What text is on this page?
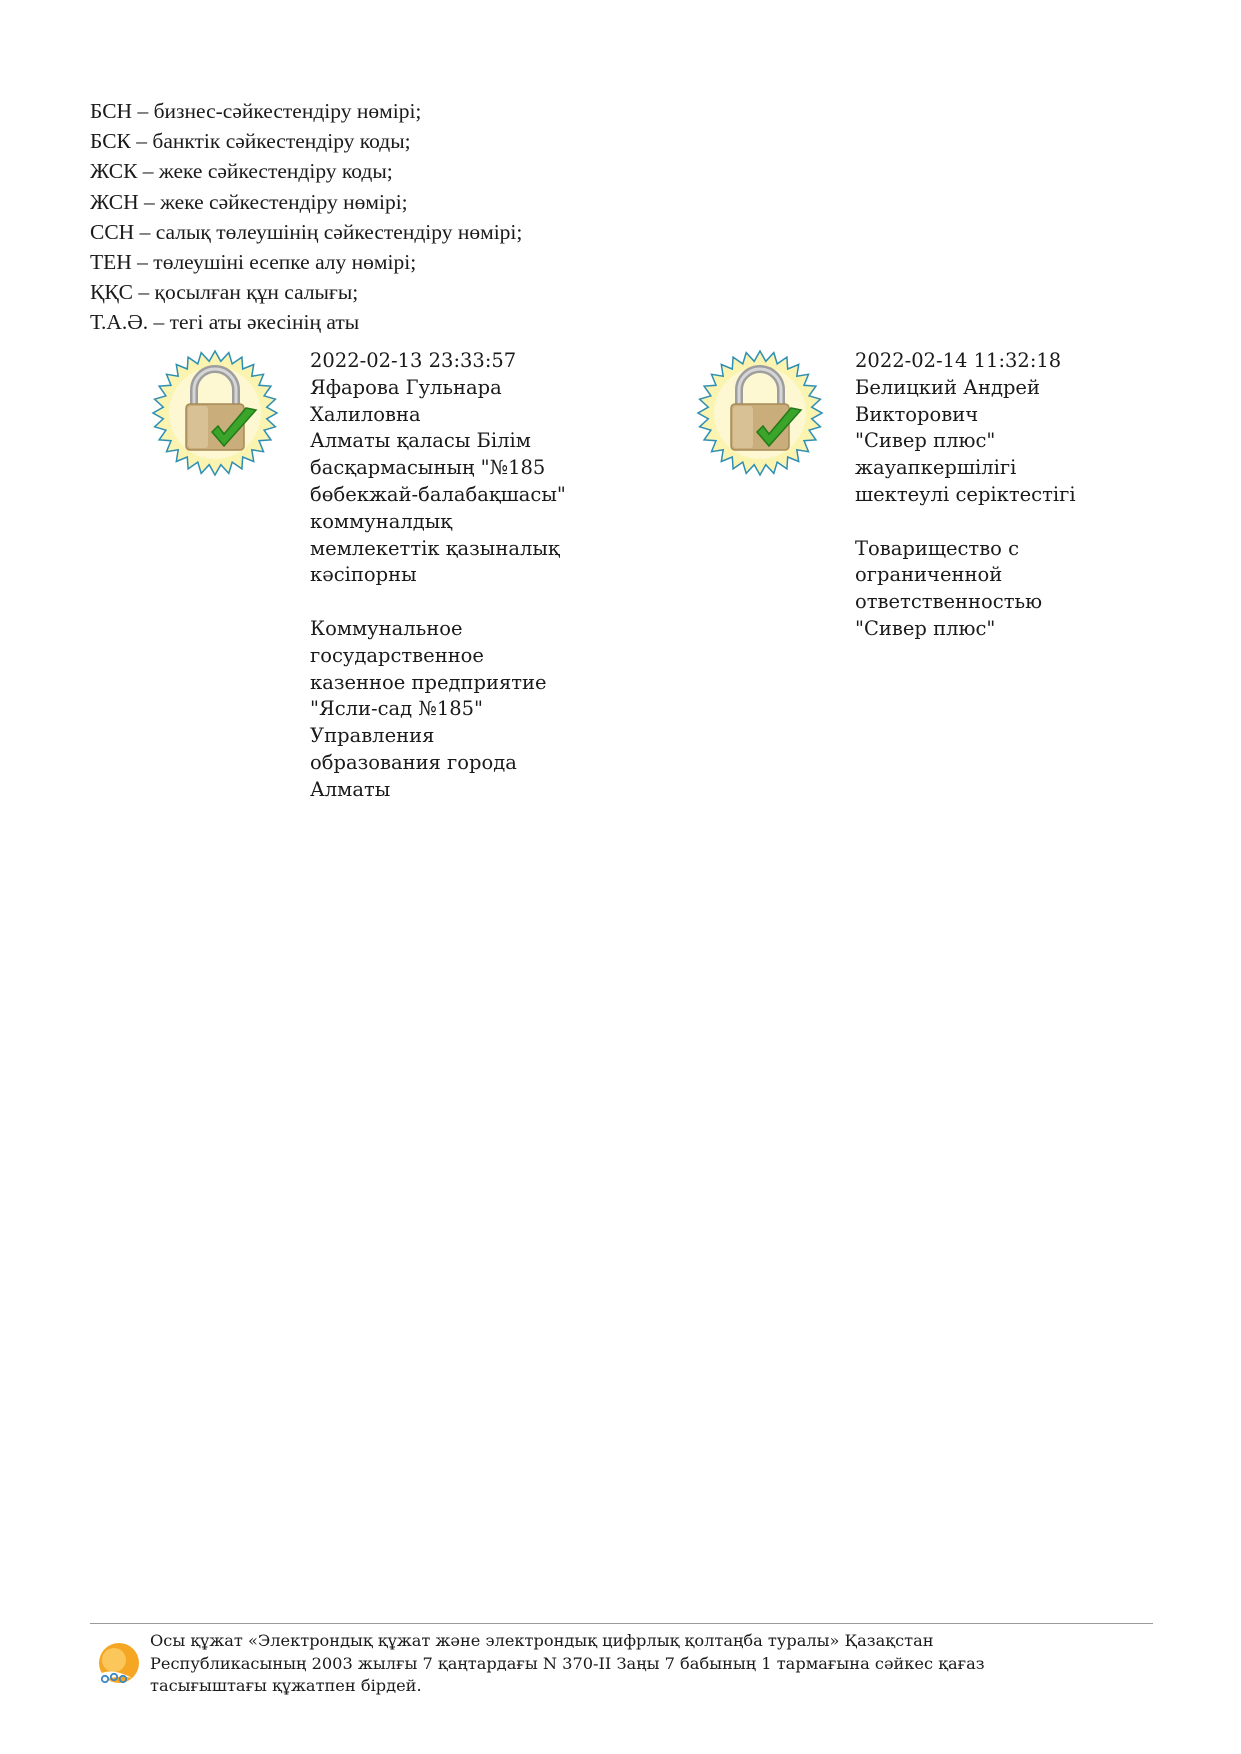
БСН – бизнес-сәйкестендіру нөмірі;
БСК – банктік сәйкестендіру коды;
ЖСК – жеке сәйкестендіру коды;
ЖСН – жеке сәйкестендіру нөмірі;
ССН – салық төлеушінің сәйкестендіру нөмірі;
ТЕН – төлеушіні есепке алу нөмірі;
ҚҚС – қосылған құн салығы;
Т.А.Ә. – тегі аты әкесінің аты
2022-02-13 23:33:57
Яфарова Гульнара
Халиловна
Алматы қаласы Білім
басқармасының "№185
бөбекжай-балабақшасы"
коммуналдық
мемлекеттік қазыналық
кәсіпорны
Коммунальное
государственное
казенное предприятие
"Ясли-сад №185"
Управления
образования города
Алматы
2022-02-14 11:32:18
Белицкий Андрей
Викторович
"Сивер плюс"
жауапкершілігі
шектеулі серіктестігі
Товарищество с
ограниченной
ответственностью
"Сивер плюс"
Осы құжат «Электрондық құжат және электрондық цифрлық қолтаңба туралы» Қазақстан
Республикасының 2003 жылғы 7 қаңтардағы N 370-II Заңы 7 бабының 1 тармағына сәйкес қағаз
тасығыштағы құжатпен бірдей.
